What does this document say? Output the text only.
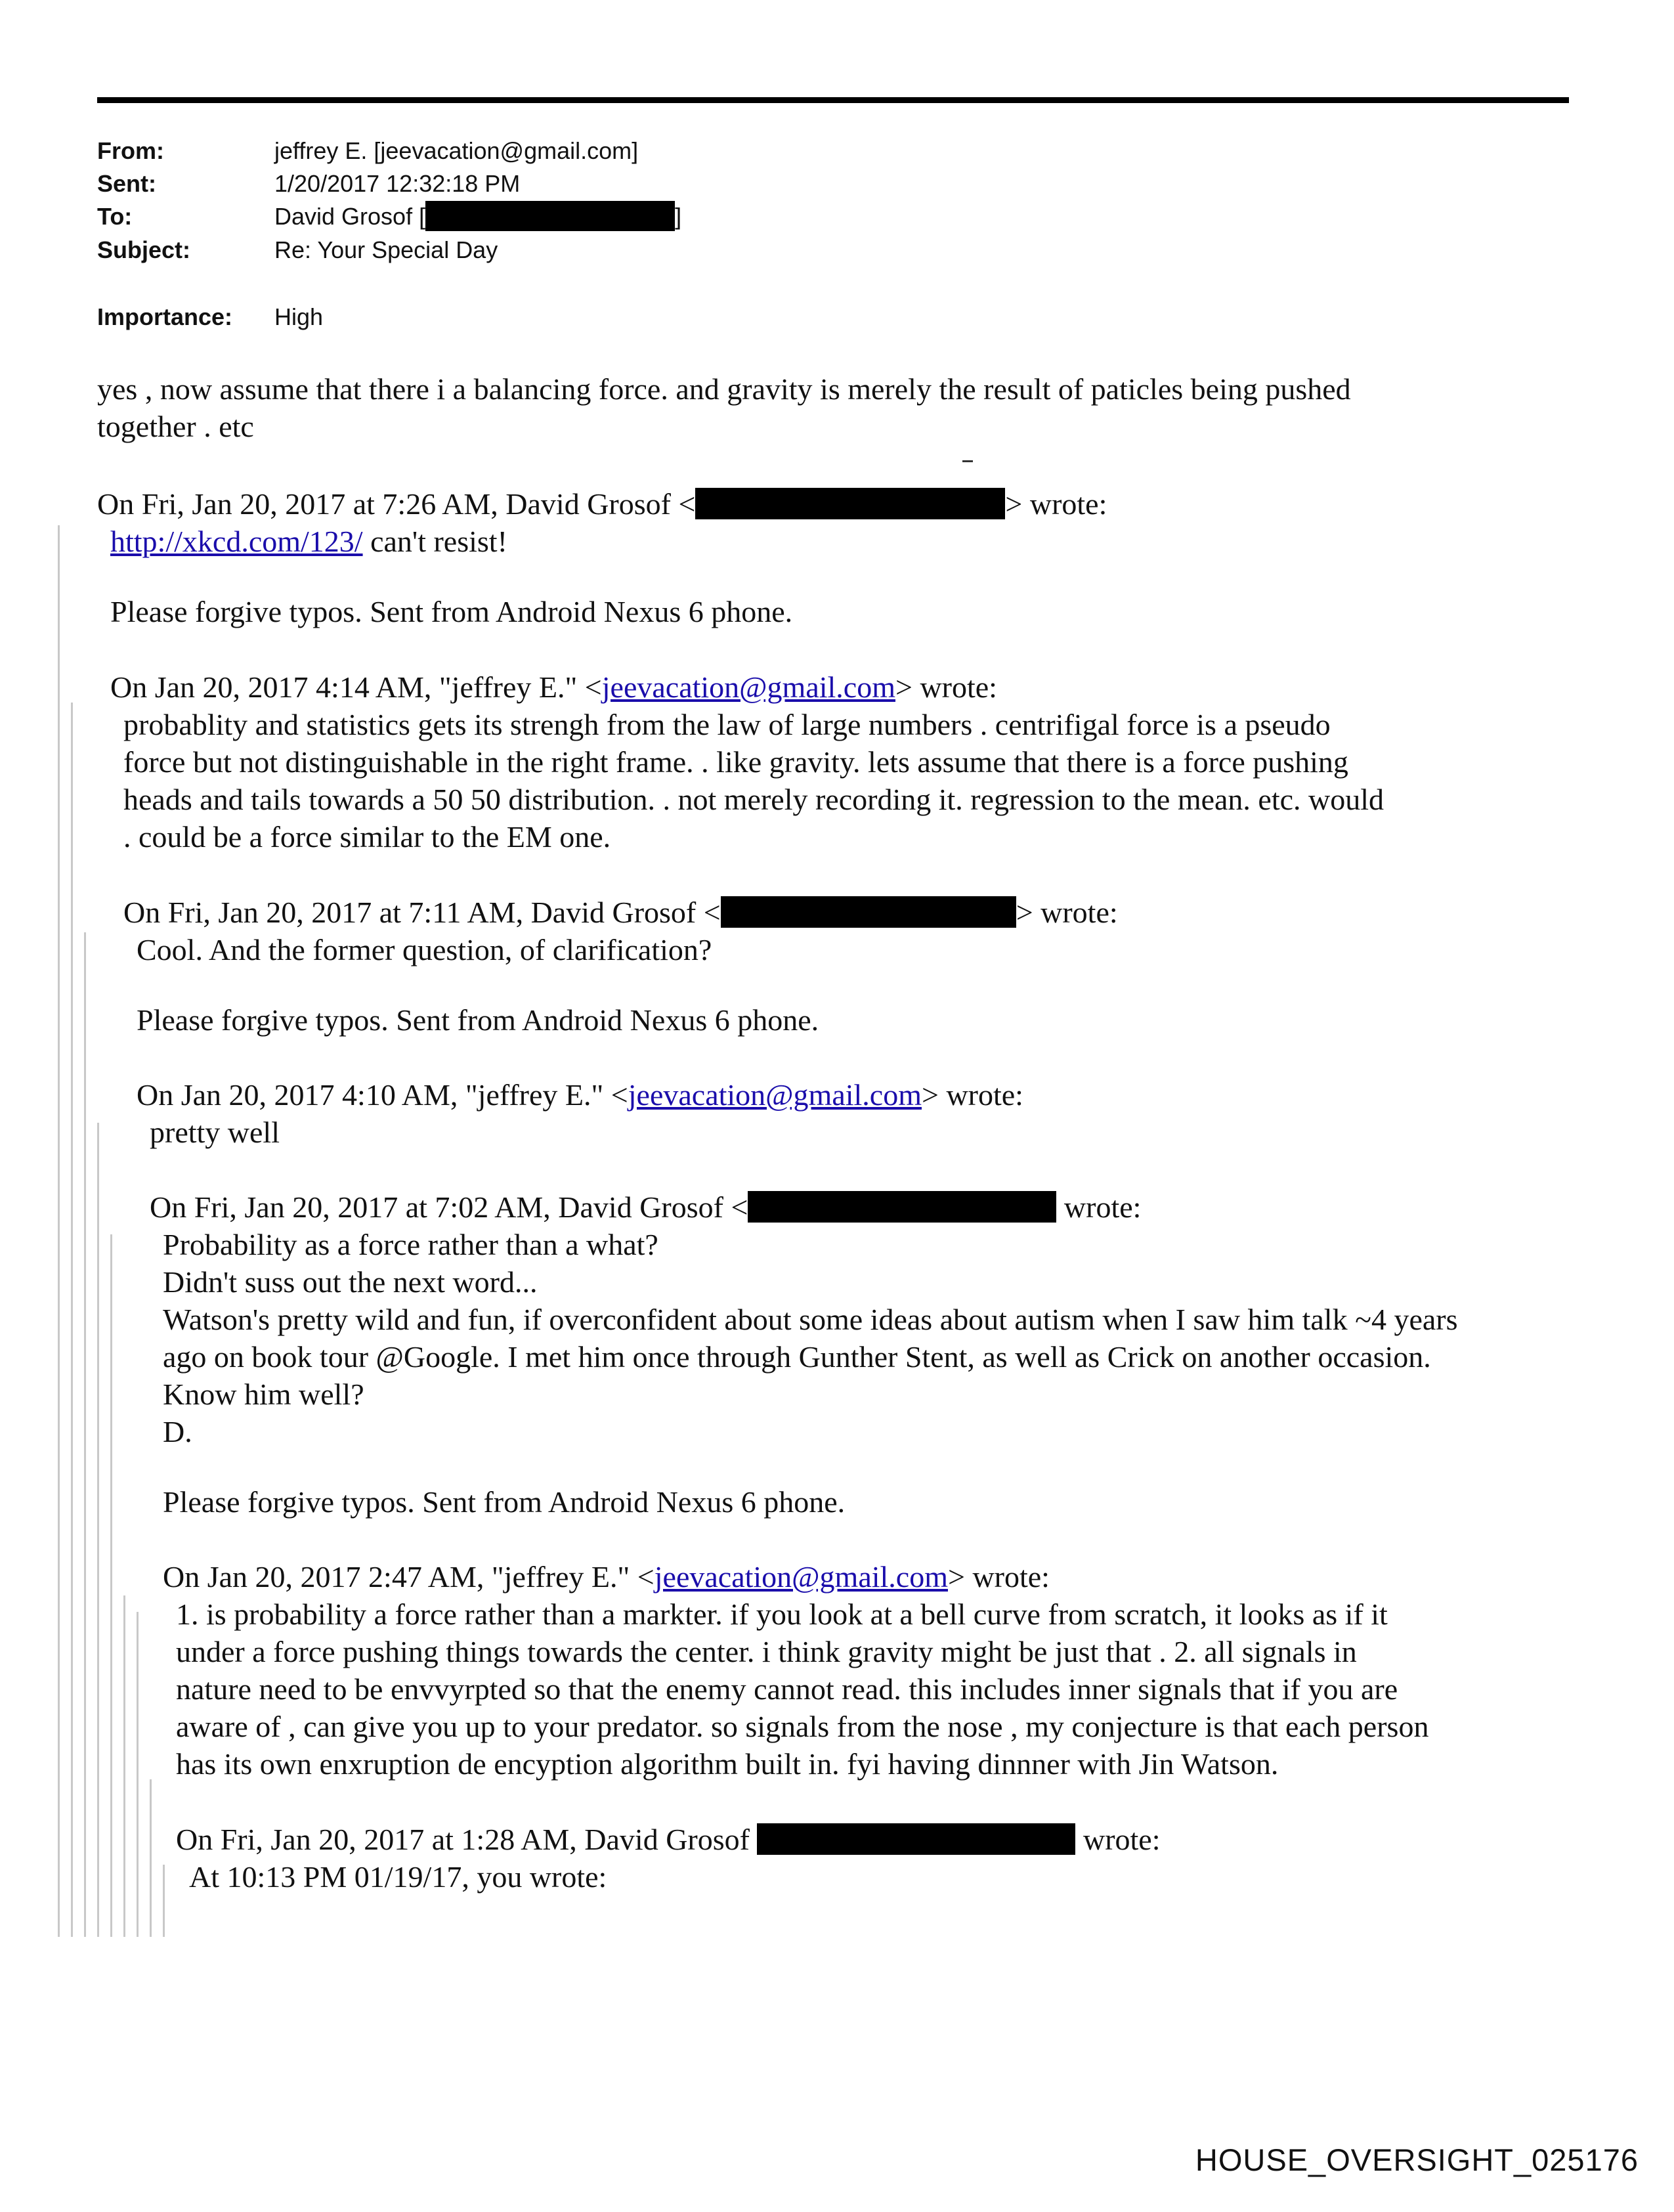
From:	jeffrey E. [jeevacation@gmail.com]
Sent:	1/20/2017 12:32:18 PM
To:	David Grosof [	]
Subject:	Re: Your Special Day
Importance: High
yes , now assume that there i a balancing force. and gravity is merely the result of paticles being pushed
together . etc
On Fri, Jan 20, 2017 at 7:26 AM, David Grosof <	> wrote:
http://xkcd.com/123/ can't resist!
Please forgive typos. Sent from Android Nexus 6 phone.
On Jan 20, 2017 4:14 AM, "jeffrey E." <jeevacation@gmail.com> wrote:
probablity and statistics gets its strengh from the law of large numbers . centrifigal force is a pseudo
force but not distinguishable in the right frame. . like gravity. lets assume that there is a force pushing
heads and tails towards a 50 50 distribution. . not merely recording it. regression to the mean. etc. would
. could be a force similar to the EM one.
On Fri, Jan 20, 2017 at 7:11 AM, David Grosof <	> wrote:
Cool. And the former question, of clarification?
Please forgive typos. Sent from Android Nexus 6 phone.
On Jan 20, 2017 4:10 AM, "jeffrey E." <jeevacation@gmail.com> wrote:
pretty well
On Fri, Jan 20, 2017 at 7:02 AM, David Grosof <	wrote:
Probability as a force rather than a what?
Didn't suss out the next word...
Watson's pretty wild and fun, if overconfident about some ideas about autism when I saw him talk ~4 years
ago on book tour @Google. I met him once through Gunther Stent, as well as Crick on another occasion.
Know him well?
D.
Please forgive typos. Sent from Android Nexus 6 phone.
On Jan 20, 2017 2:47 AM, "jeffrey E." <jeevacation@gmail.com> wrote:
1. is probability a force rather than a markter. if you look at a bell curve from scratch, it looks as if it
under a force pushing things towards the center. i think gravity might be just that . 2. all signals in
nature need to be envvyrpted so that the enemy cannot read. this includes inner signals that if you are
aware of , can give you up to your predator. so signals from the nose , my conjecture is that each person
has its own enxruption de encyption algorithm built in. fyi having dinnner with Jin Watson.
On Fri, Jan 20, 2017 at 1:28 AM, David Grosof	wrote:
At 10:13 PM 01/19/17, you wrote:
HOUSE_OVERSIGHT_025176
